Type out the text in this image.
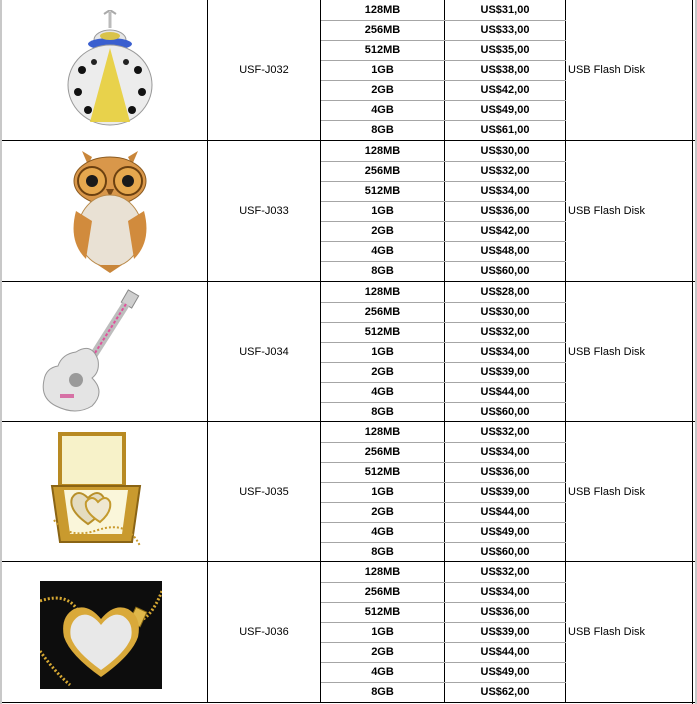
USF-J032
128MB	US$31,00
256MB	US$33,00
512MB	US$35,00
1GB	US$38,00
2GB	US$42,00
4GB	US$49,00
8GB	US$61,00
USB Flash Disk
USF-J033
128MB	US$30,00
256MB	US$32,00
512MB	US$34,00
1GB	US$36,00
2GB	US$42,00
4GB	US$48,00
8GB	US$60,00
USB Flash Disk
USF-J034
128MB	US$28,00
256MB	US$30,00
512MB	US$32,00
1GB	US$34,00
2GB	US$39,00
4GB	US$44,00
8GB	US$60,00
USB Flash Disk
USF-J035
128MB	US$32,00
256MB	US$34,00
512MB	US$36,00
1GB	US$39,00
2GB	US$44,00
4GB	US$49,00
8GB	US$60,00
USB Flash Disk
USF-J036
128MB	US$32,00
256MB	US$34,00
512MB	US$36,00
1GB	US$39,00
2GB	US$44,00
4GB	US$49,00
8GB	US$62,00
USB Flash Disk
